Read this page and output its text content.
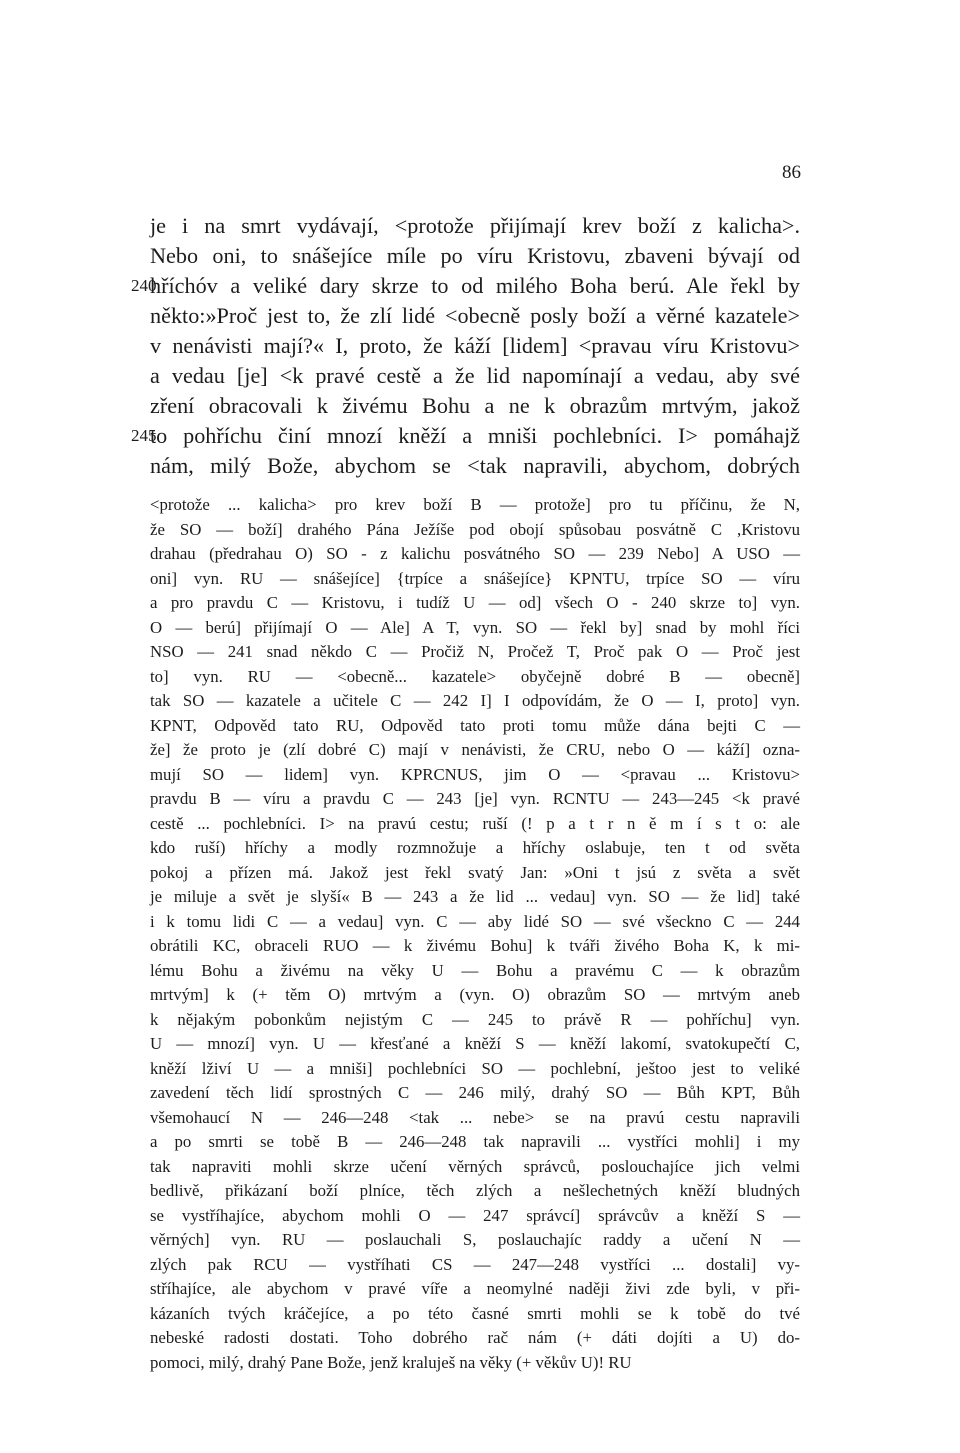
86
je i na smrt vydávají, <protože přijímají krev boží z kalicha>.
Nebo oni, to snášejíce míle po víru Kristovu, zbaveni bývají od
240
hříchóv a veliké dary skrze to od milého Boha berú. Ale řekl by
někto:»Proč jest to, že zlí lidé <obecně posly boží a věrné kazatele>
v nenávisti mají?« I, proto, že káží [lidem] <pravau víru Kristovu>
a vedau [je] <k pravé cestě a že lid napomínají a vedau, aby své
zření obracovali k živému Bohu a ne k obrazům mrtvým, jakož
245
to pohříchu činí mnozí kněží a mniši pochlebníci. I> pomáhajž
nám, milý Bože, abychom se <tak napravili, abychom, dobrých
<protože ... kalicha> pro krev boží B — protože] pro tu příčinu, že N,
že SO — boží] drahého Pána Ježíše pod obojí spůsobau posvátně C ,Kristovu
drahau (předrahau O) SO - z kalichu posvátného SO — 239 Nebo] A USO —
oni] vyn. RU — snášejíce] {trpíce a snášejíce} KPNTU, trpíce SO — víru
a pro pravdu C — Kristovu, i tudíž U — od] všech O - 240 skrze to] vyn.
O — berú] přijímají O — Ale] A T, vyn. SO — řekl by] snad by mohl říci
NSO — 241 snad někdo C — Pročiž N, Pročež T, Proč pak O — Proč jest
to] vyn. RU — <obecně... kazatele> obyčejně dobré B — obecně]
tak SO — kazatele a učitele C — 242 I] I odpovídám, že O — I, proto] vyn.
KPNT, Odpověd tato RU, Odpověd tato proti tomu může dána bejti C —
že] že proto je (zlí dobré C) mají v nenávisti, že CRU, nebo O — káží] ozna-
mují SO — lidem] vyn. KPRCNUS, jim O — <pravau ... Kristovu>
pravdu B — víru a pravdu C — 243 [je] vyn. RCNTU — 243—245 <k pravé
cestě ... pochlebníci. I> na pravú cestu; ruší (! p a t r n ě m í s t o: ale
kdo ruší) hříchy a modly rozmnožuje a hříchy oslabuje, ten t od světa
pokoj a přízen má. Jakož jest řekl svatý Jan: »Oni t jsú z světa a svět
je miluje a svět je slyší« B — 243 a že lid ... vedau] vyn. SO — že lid] také
i k tomu lidi C — a vedau] vyn. C — aby lidé SO — své všeckno C — 244
obrátili KC, obraceli RUO — k živému Bohu] k tváři živého Boha K, k mi-
lému Bohu a živému na věky U — Bohu a pravému C — k obrazům
mrtvým] k (+ těm O) mrtvým a (vyn. O) obrazům SO — mrtvým aneb
k nějakým pobonkům nejistým C — 245 to právě R — pohříchu] vyn.
U — mnozí] vyn. U — křesťané a kněží S — kněží lakomí, svatokupečtí C,
kněží lživí U — a mniši] pochlebníci SO — pochlební, ještoo jest to veliké
zavedení těch lidí sprostných C — 246 milý, drahý SO — Bůh KPT, Bůh
všemohaucí N — 246—248 <tak ... nebe> se na pravú cestu napravili
a po smrti se tobě B — 246—248 tak napravili ... vystříci mohli] i my
tak napraviti mohli skrze učení věrných správců, poslouchajíce jich velmi
bedlivě, přikázaní boží plníce, těch zlých a nešlechetných kněží bludných
se vystříhajíce, abychom mohli O — 247 správcí] správcův a kněží S —
věrných] vyn. RU — poslauchali S, poslauchajíc raddy a učení N —
zlých pak RCU — vystříhati CS — 247—248 vystříci ... dostali] vy-
stříhajíce, ale abychom v pravé víře a neomylné naději živi zde byli, v při-
kázaních tvých kráčejíce, a po této časné smrti mohli se k tobě do tvé
nebeské radosti dostati. Toho dobrého rač nám (+ dáti dojíti a U) do-
pomoci, milý, drahý Pane Bože, jenž kraluješ na věky (+ věkův U)! RU
